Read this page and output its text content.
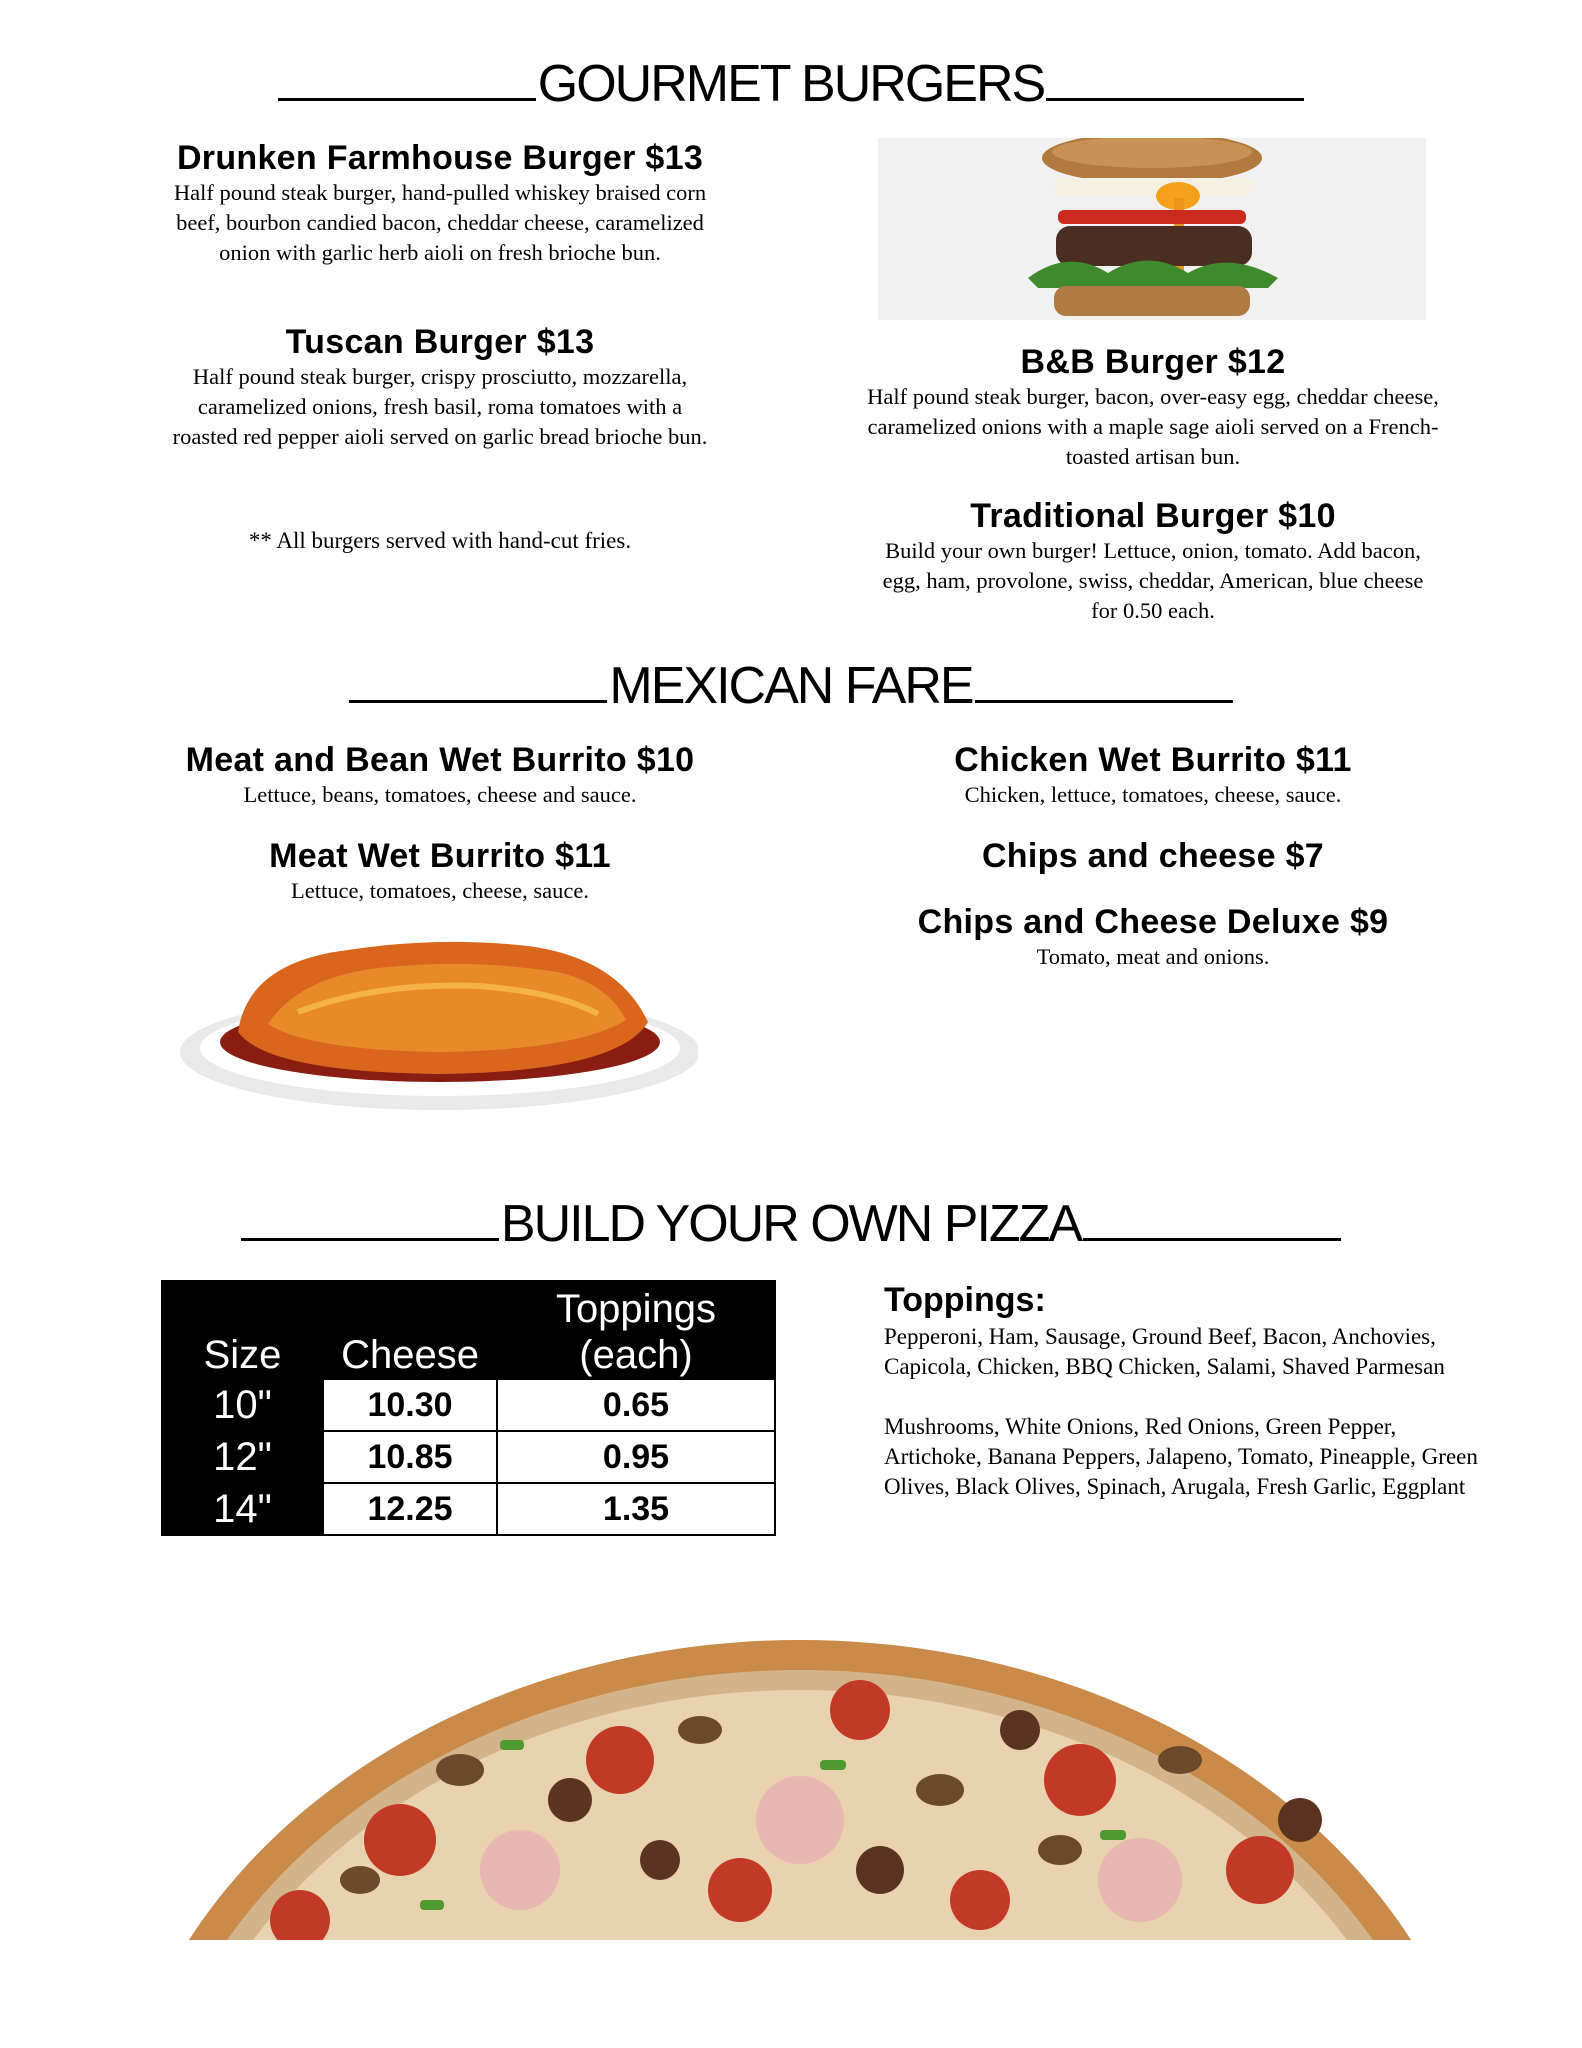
GOURMET BURGERS
Drunken Farmhouse Burger $13
Half pound steak burger, hand-pulled whiskey braised corn beef, bourbon candied bacon, cheddar cheese, caramelized onion with garlic herb aioli on fresh brioche bun.
Tuscan Burger $13
Half pound steak burger, crispy prosciutto, mozzarella, caramelized onions, fresh basil, roma tomatoes with a roasted red pepper aioli served on garlic bread brioche bun.
** All burgers served with hand-cut fries.
B&B Burger $12
Half pound steak burger, bacon, over-easy egg, cheddar cheese, caramelized onions with a maple sage aioli served on a French-toasted artisan bun.
Traditional Burger $10
Build your own burger! Lettuce, onion, tomato. Add bacon, egg, ham, provolone, swiss, cheddar, American, blue cheese for 0.50 each.
MEXICAN FARE
Meat and Bean Wet Burrito $10
Lettuce, beans, tomatoes, cheese and sauce.
Meat Wet Burrito $11
Lettuce, tomatoes, cheese, sauce.
Chicken Wet Burrito $11
Chicken, lettuce, tomatoes, cheese, sauce.
Chips and cheese $7
Chips and Cheese Deluxe $9
Tomato, meat and onions.
BUILD YOUR OWN PIZZA
Size	Cheese	Toppings
(each)

10"	10.30	0.65
12"	10.85	0.95
14"	12.25	1.35
Toppings:
Pepperoni, Ham, Sausage, Ground Beef, Bacon, Anchovies, Capicola, Chicken, BBQ Chicken, Salami, Shaved Parmesan
Mushrooms, White Onions, Red Onions, Green Pepper, Artichoke, Banana Peppers, Jalapeno, Tomato, Pineapple, Green Olives, Black Olives, Spinach, Arugala, Fresh Garlic, Eggplant
